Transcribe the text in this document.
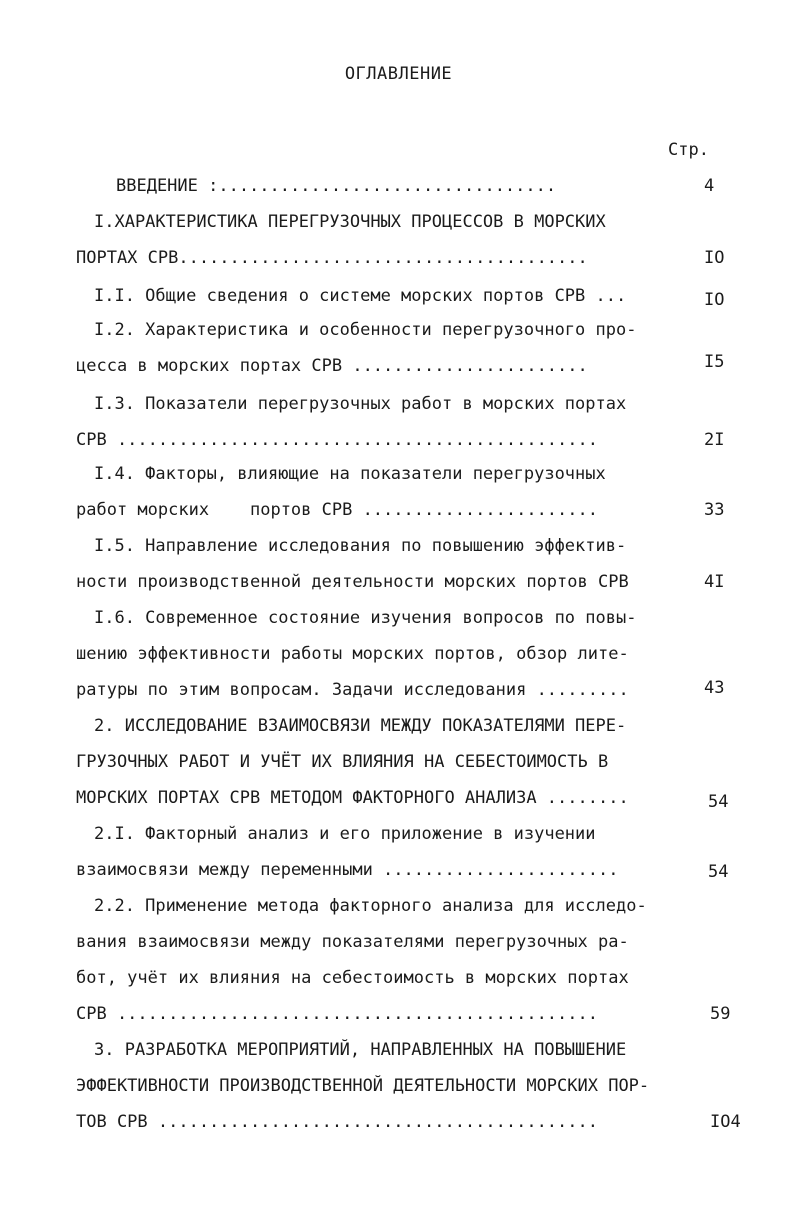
ОГЛАВЛЕНИЕ
Стр.
ВВЕДЕНИЕ :.................................	4
I.ХАРАКТЕРИСТИКА ПЕРЕГРУЗОЧНЫХ ПРОЦЕССОВ В МОРСКИХ
ПОРТАХ СРВ........................................	IO
I.I. Общие сведения о системе морских портов СРВ ...	IO
I.2. Характеристика и особенности перегрузочного про-
цесса в морских портах СРВ .......................	I5
I.3. Показатели перегрузочных работ в морских портах
СРВ ...............................................	2I
I.4. Факторы, влияющие на показатели перегрузочных
работ морских    портов СРВ .......................	33
I.5. Направление исследования по повышению эффектив-
ности производственной деятельности морских портов СРВ	4I
I.6. Современное состояние изучения вопросов по повы-
шению эффективности работы морских портов, обзор лите-
ратуры по этим вопросам. Задачи исследования .........	43
2. ИССЛЕДОВАНИЕ ВЗАИМОСВЯЗИ МЕЖДУ ПОКАЗАТЕЛЯМИ ПЕРЕ-
ГРУЗОЧНЫХ РАБОТ И УЧЁТ ИХ ВЛИЯНИЯ НА СЕБЕСТОИМОСТЬ В
МОРСКИХ ПОРТАХ СРВ МЕТОДОМ ФАКТОРНОГО АНАЛИЗА ........	54
2.I. Факторный анализ и его приложение в изучении
взаимосвязи между переменными .......................	54
2.2. Применение метода факторного анализа для исследо-
вания взаимосвязи между показателями перегрузочных ра-
бот, учёт их влияния на себестоимость в морских портах
СРВ ...............................................	59
3. РАЗРАБОТКА МЕРОПРИЯТИЙ, НАПРАВЛЕННЫХ НА ПОВЫШЕНИЕ
ЭФФЕКТИВНОСТИ ПРОИЗВОДСТВЕННОЙ ДЕЯТЕЛЬНОСТИ МОРСКИХ ПОР-
ТОВ СРВ ...........................................	IO4
